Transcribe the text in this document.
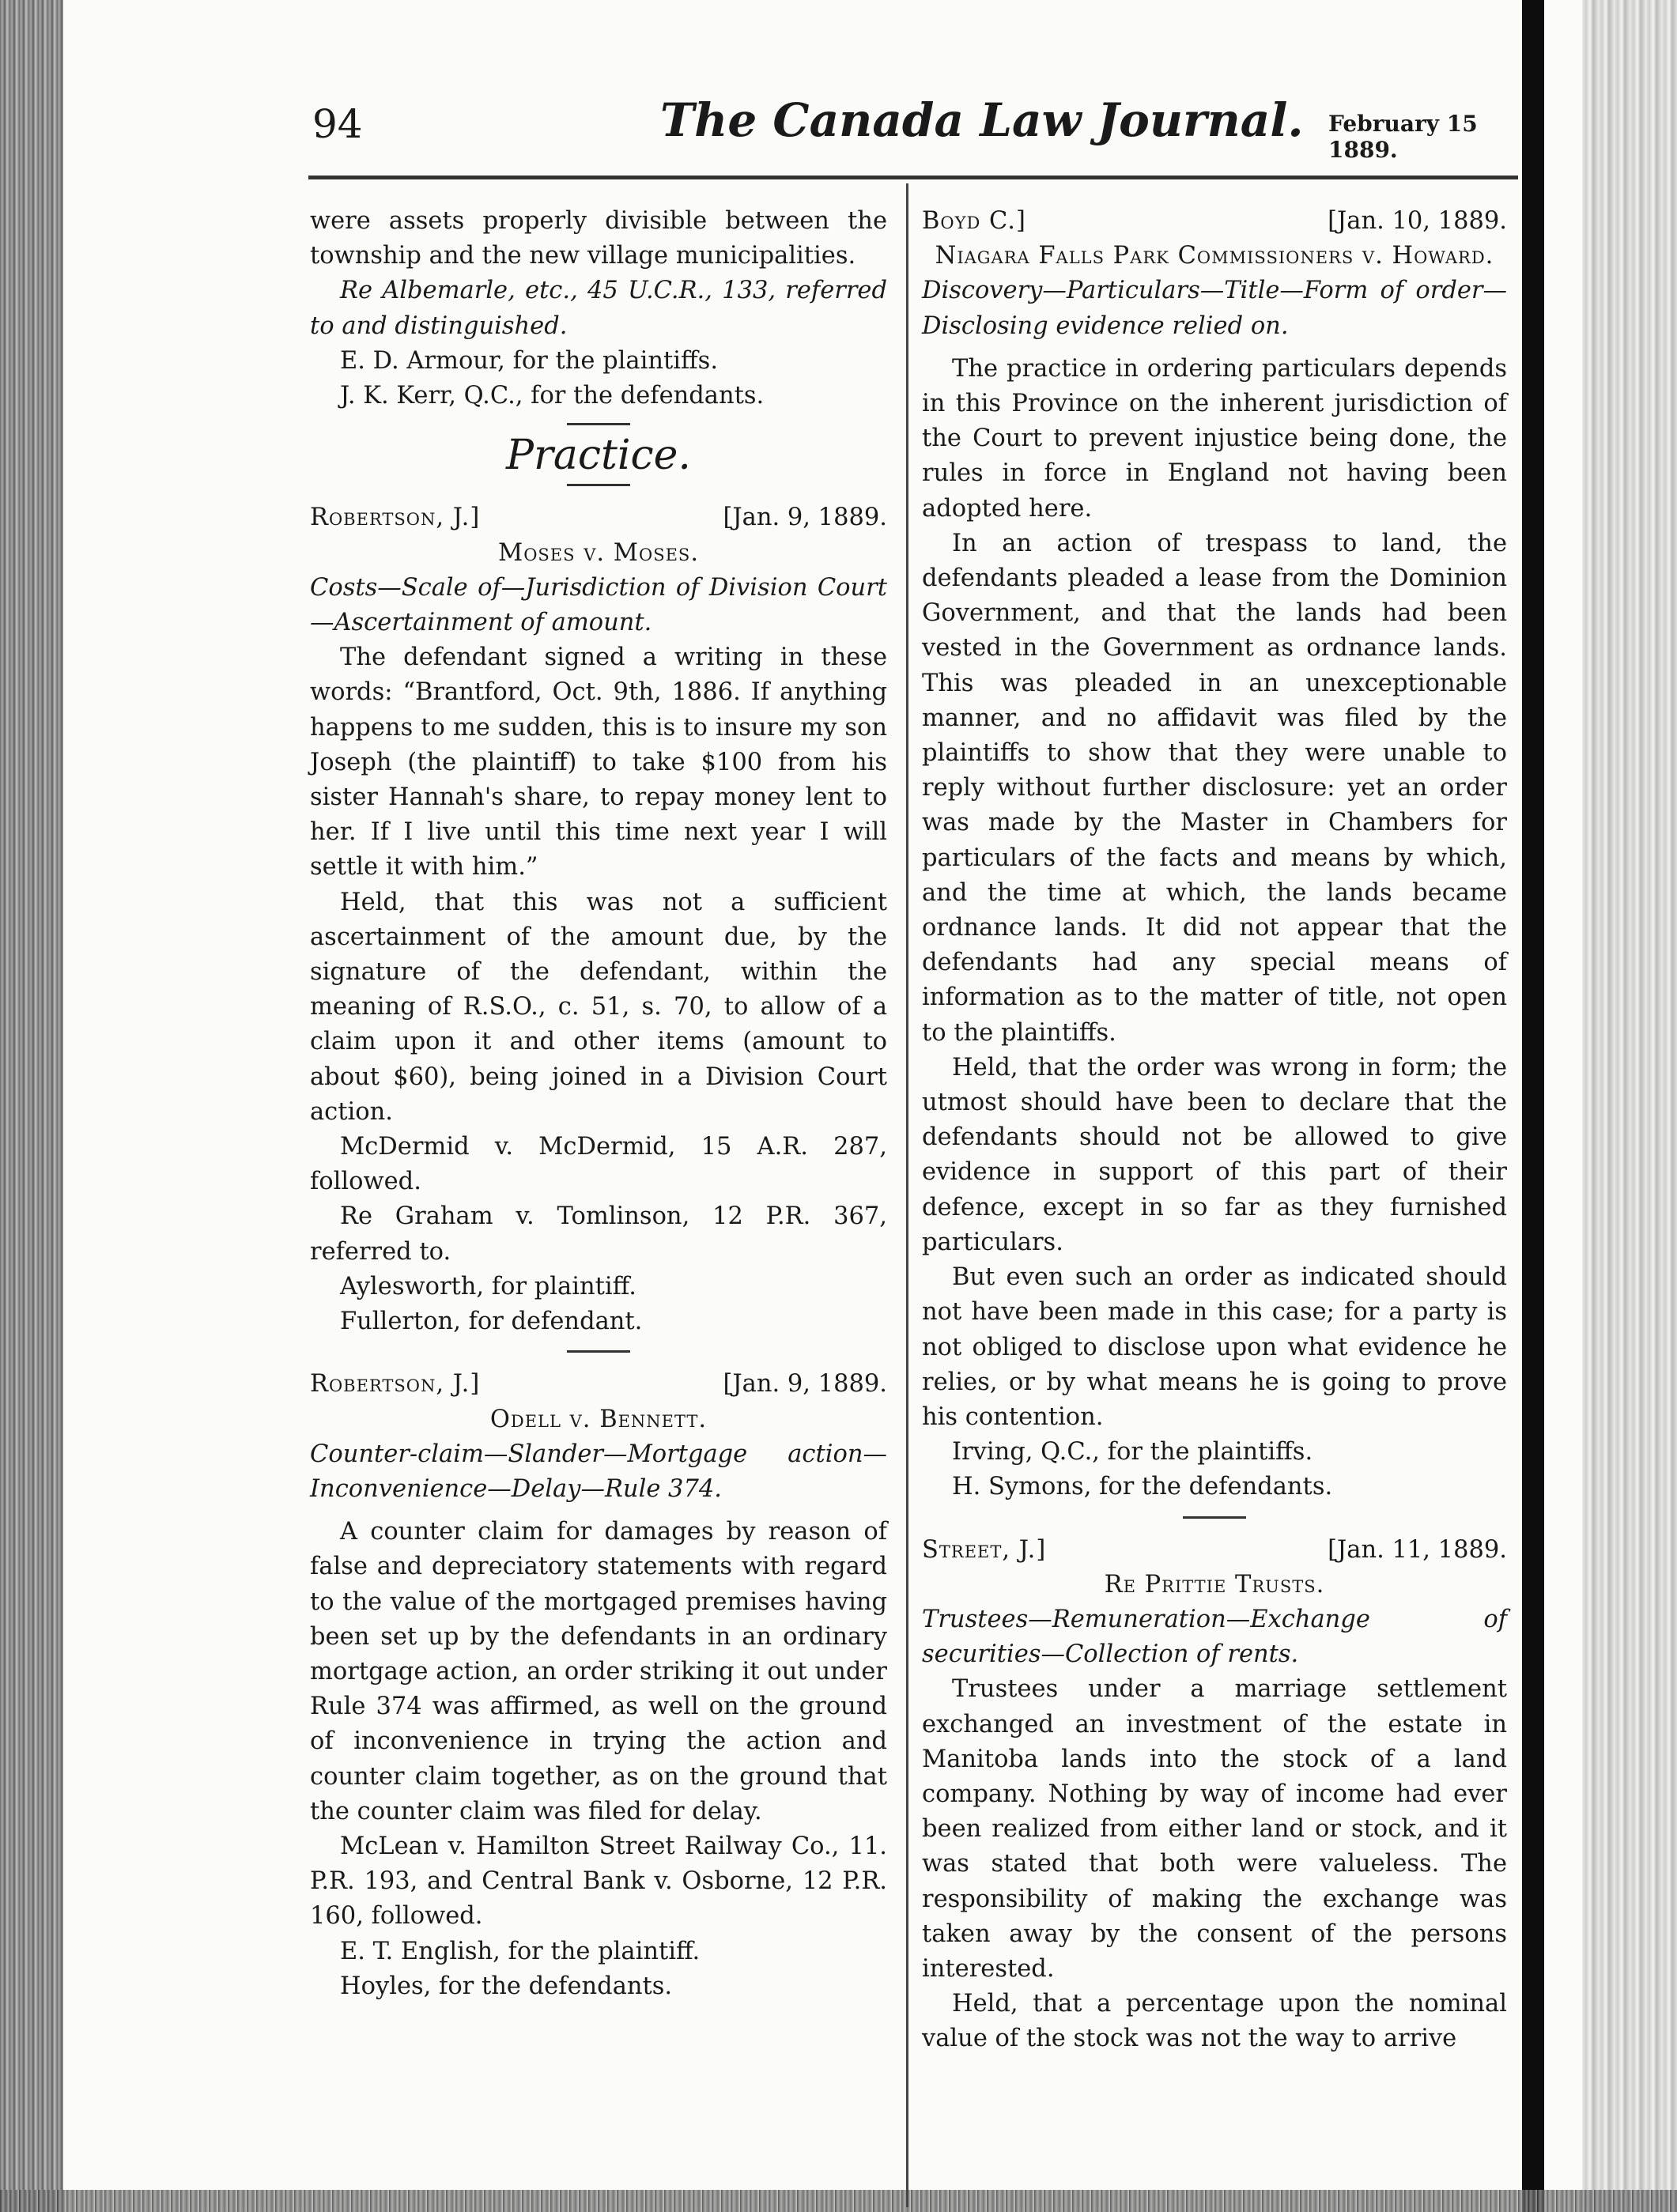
94	The Canada Law Journal. February 15 1889.

were assets properly divisible between the township and the new village municipalities.

Re Albemarle, etc., 45 U.C.R., 133, referred to and distinguished.

E. D. Armour, for the plaintiffs.

J. K. Kerr, Q.C., for the defendants.

Practice.

Robertson, J.]	[Jan. 9, 1889.

Moses v. Moses.

Costs—Scale of—Jurisdiction of Division Court—Ascertainment of amount.

The defendant signed a writing in these words: “Brantford, Oct. 9th, 1886. If anything happens to me sudden, this is to insure my son Joseph (the plaintiff) to take $100 from his sister Hannah's share, to repay money lent to her. If I live until this time next year I will settle it with him.”

Held, that this was not a sufficient ascertainment of the amount due, by the signature of the defendant, within the meaning of R.S.O., c. 51, s. 70, to allow of a claim upon it and other items (amount to about $60), being joined in a Division Court action.

McDermid v. McDermid, 15 A.R. 287, followed.

Re Graham v. Tomlinson, 12 P.R. 367, referred to.

Aylesworth, for plaintiff.

Fullerton, for defendant.

Robertson, J.]	[Jan. 9, 1889.

Odell v. Bennett.

Counter-claim—Slander—Mortgage action—Inconvenience—Delay—Rule 374.

A counter claim for damages by reason of false and depreciatory statements with regard to the value of the mortgaged premises having been set up by the defendants in an ordinary mortgage action, an order striking it out under Rule 374 was affirmed, as well on the ground of inconvenience in trying the action and counter claim together, as on the ground that the counter claim was filed for delay.

McLean v. Hamilton Street Railway Co., 11. P.R. 193, and Central Bank v. Osborne, 12 P.R. 160, followed.

E. T. English, for the plaintiff.

Hoyles, for the defendants.

Boyd C.]	[Jan. 10, 1889.

Niagara Falls Park Commissioners v. Howard.

Discovery—Particulars—Title—Form of order—Disclosing evidence relied on.

The practice in ordering particulars depends in this Province on the inherent jurisdiction of the Court to prevent injustice being done, the rules in force in England not having been adopted here.

In an action of trespass to land, the defendants pleaded a lease from the Dominion Government, and that the lands had been vested in the Government as ordnance lands. This was pleaded in an unexceptionable manner, and no affidavit was filed by the plaintiffs to show that they were unable to reply without further disclosure: yet an order was made by the Master in Chambers for particulars of the facts and means by which, and the time at which, the lands became ordnance lands. It did not appear that the defendants had any special means of information as to the matter of title, not open to the plaintiffs.

Held, that the order was wrong in form; the utmost should have been to declare that the defendants should not be allowed to give evidence in support of this part of their defence, except in so far as they furnished particulars.

But even such an order as indicated should not have been made in this case; for a party is not obliged to disclose upon what evidence he relies, or by what means he is going to prove his contention.

Irving, Q.C., for the plaintiffs.

H. Symons, for the defendants.

Street, J.]	[Jan. 11, 1889.

Re Prittie Trusts.

Trustees—Remuneration—Exchange of securities—Collection of rents.

Trustees under a marriage settlement exchanged an investment of the estate in Manitoba lands into the stock of a land company. Nothing by way of income had ever been realized from either land or stock, and it was stated that both were valueless. The responsibility of making the exchange was taken away by the consent of the persons interested.

Held, that a percentage upon the nominal value of the stock was not the way to arrive
